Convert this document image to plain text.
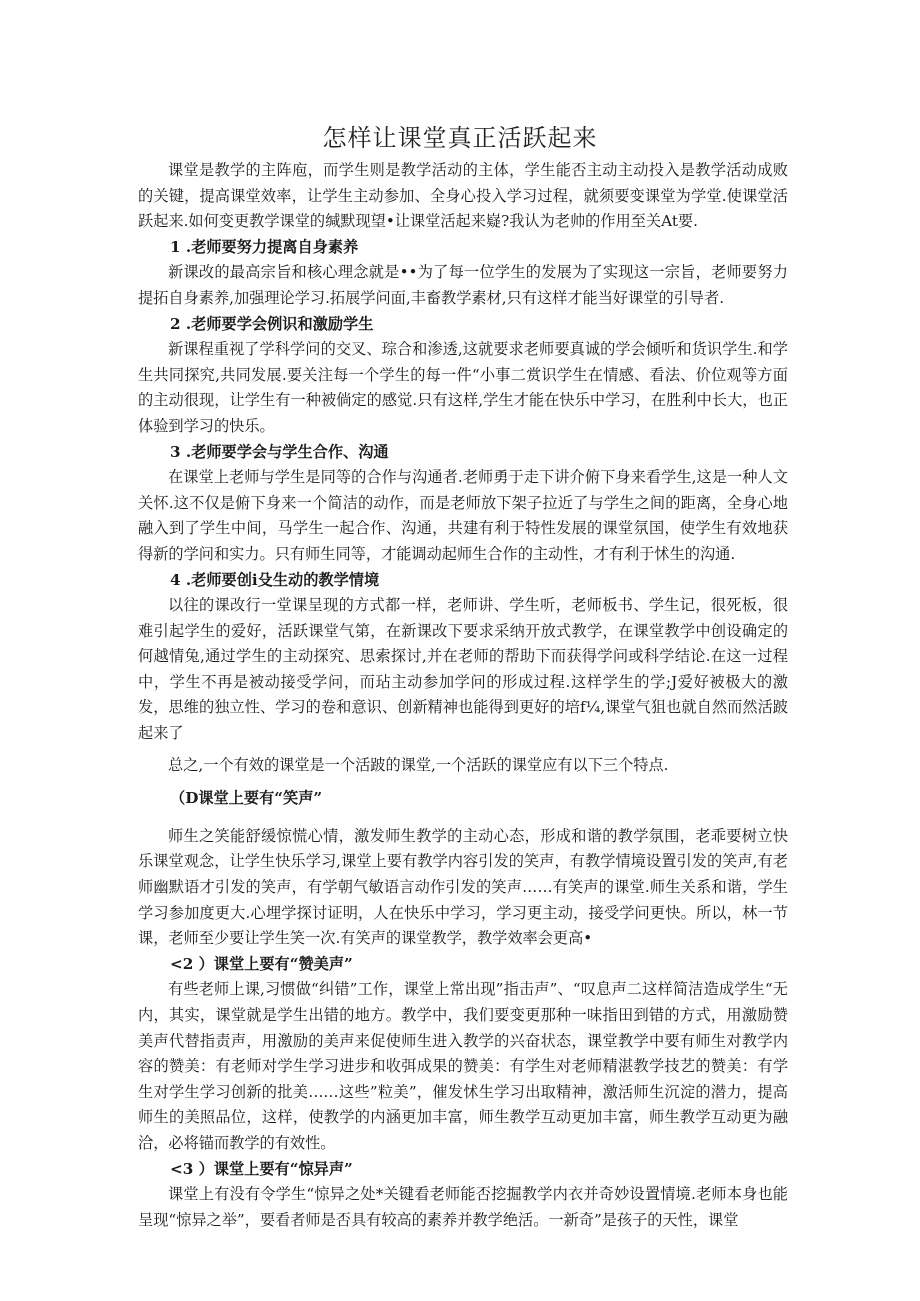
怎样让课堂真正活跃起来

课堂是教学的主阵庖，而学生则是教学活动的主体，学生能否主动主动投入是教学活动成败的关键，提高课堂效率，让学生主动参加、全身心投入学习过程，就须要变课堂为学堂.使课堂活跃起来.如何变更教学课堂的缄默现望•让课堂活起来嶷?我认为老帅的作用至关At要.

1 .老师要努力提离自身素养

新课改的最高宗旨和核心理念就是••为了每一位学生的发展为了实现这一宗旨，老师要努力提拓自身素养,加强理论学习.拓展学问面,丰畜教学素材,只有这样才能当好课堂的引导者.

2 .老师要学会例识和激励学生

新课程重视了学科学问的交叉、琮合和渗透,这就要求老师要真诚的学会倾听和货识学生.和学生共同探究,共同发展.要关注每一个学生的每一件“小事二赏识学生在情感、看法、价位观等方面的主动很现，让学生有一种被倘定的感觉.只有这样,学生才能在快乐中学习，在胜利中长大，也正体验到学习的快乐。

3 .老师要学会与学生合作、沟通

在课堂上老师与学生是同等的合作与沟通者.老师勇于走下讲介俯下身来看学生,这是一种人文关怀.这不仅是俯下身来一个简洁的动作，而是老师放下架子拉近了与学生之间的距离，全身心地融入到了学生中间，马学生一起合作、沟通，共建有利于特性发展的课堂氛国，使学生有效地获得新的学问和实力。只有师生同等，才能调动起师生合作的主动性，才有利于怵生的沟通.

4 .老师要创i殳生动的教学情境

以往的课改行一堂课呈现的方式都一样，老师讲、学生听，老师板书、学生记，很死板，很难引起学生的爱好，活跃课堂气第，在新课改下要求采纳开放式教学，在课堂教学中创设确定的何越情兔,通过学生的主动探究、思索探讨,并在老师的帮助下而获得学问或科学结论.在这一过程中，学生不再是被动接受学问，而玷主动参加学问的形成过程.这样学生的学;J爱好被极大的激发，思维的独立性、学习的卷和意识、创新精神也能得到更好的培f¼,课堂气狙也就自然而然活跛起来了

总之,一个有效的课堂是一个活跛的课堂,一个活跃的课堂应有以下三个特点.

（D课堂上要有“笑声”

师生之笑能舒缓惊慌心情，激发师生教学的主动心态，形成和谐的教学氛围，老乖要树立快乐课堂观念，让学生快乐学习,课堂上要有教学内容引发的笑声，有教学情境设置引发的笑声,有老师幽默语才引发的笑声，有学朝气敏语言动作引发的笑声……有笑声的课堂.师生关系和谐，学生学习参加度更大.心埋学探讨证明，人在快乐中学习，学习更主动，接受学问更快。所以，林一节课，老师至少要让学生笑一次.有笑声的课堂教学，教学效率会更高•

<2 ）课堂上要有“赞美声”

有些老师上课,习惯做“纠错”工作，课堂上常出现”指击声”、“叹息声二这样简洁造成学生“无内，其实，课堂就是学生出错的地方。教学中，我们要变更那种一味指田到错的方式，用激励赞美声代替指责声，用激励的美声来促使师生进入教学的兴奋状态，课堂教学中要有师生对教学内容的赞美：有老师对学生学习进步和收弭成果的赞美：有学生对老师精湛教学技艺的赞美：有学生对学生学习创新的批美……这些”粒美”，催发怵生学习出取精神，激活师生沉淀的潜力，提高师生的美照品位，这样，使教学的内涵更加丰富，师生教学互动更加丰富，师生教学互动更为融洽，必将锚而教学的有效性。

<3 ）课堂上要有“惊异声”

课堂上有没有令学生“惊异之处*关键看老师能否挖掘教学内衣并奇妙设置情境.老师本身也能呈现“惊异之举”，要看者师是否具有较高的素养并教学绝活。一新奇”是孩子的天性，课堂
